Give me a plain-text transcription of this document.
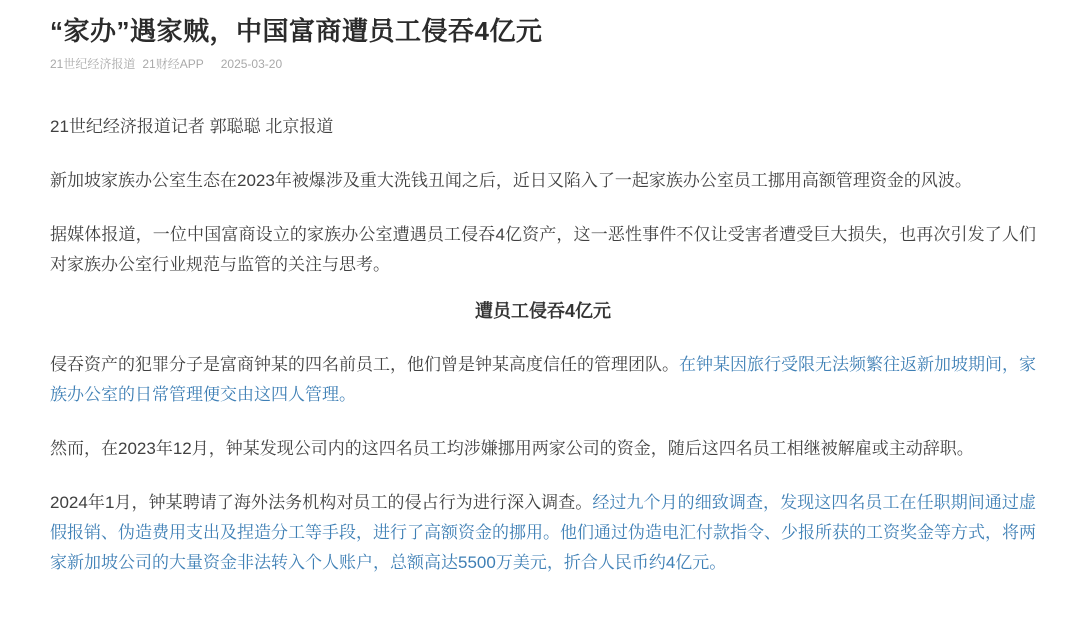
“家办”遇家贼，中国富商遭员工侵吞4亿元
21世纪经济报道 21财经APP 2025-03-20

21世纪经济报道记者 郭聪聪 北京报道

新加坡家族办公室生态在2023年被爆涉及重大洗钱丑闻之后，近日又陷入了一起家族办公室员工挪用高额管理资金的风波。

据媒体报道，一位中国富商设立的家族办公室遭遇员工侵吞4亿资产，这一恶性事件不仅让受害者遭受巨大损失，也再次引发了人们对家族办公室行业规范与监管的关注与思考。

遭员工侵吞4亿元

侵吞资产的犯罪分子是富商钟某的四名前员工，他们曾是钟某高度信任的管理团队。在钟某因旅行受限无法频繁往返新加坡期间，家族办公室的日常管理便交由这四人管理。

然而，在2023年12月，钟某发现公司内的这四名员工均涉嫌挪用两家公司的资金，随后这四名员工相继被解雇或主动辞职。

2024年1月，钟某聘请了海外法务机构对员工的侵占行为进行深入调查。经过九个月的细致调查，发现这四名员工在任职期间通过虚假报销、伪造费用支出及捏造分工等手段，进行了高额资金的挪用。他们通过伪造电汇付款指令、少报所获的工资奖金等方式，将两家新加坡公司的大量资金非法转入个人账户，总额高达5500万美元，折合人民币约4亿元。
